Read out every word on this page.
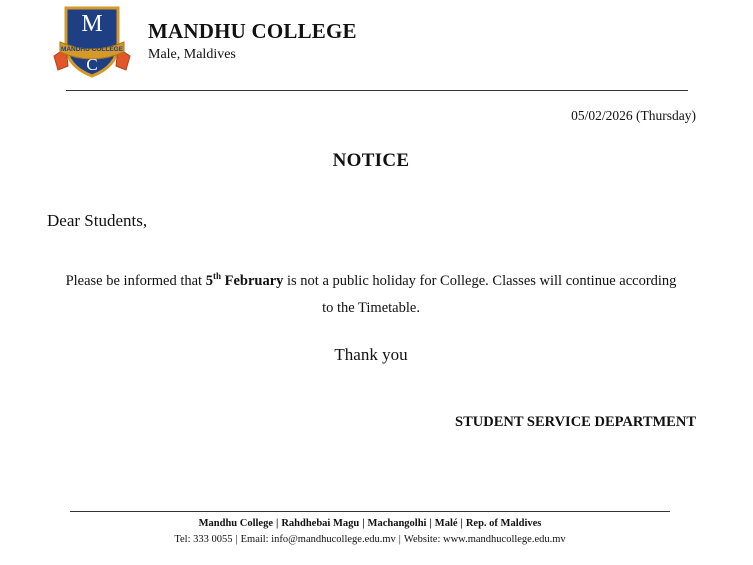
M
MANDHU COLLEGE
C
MANDHU COLLEGE
Male, Maldives
05/02/2026 (Thursday)
NOTICE
Dear Students,
Please be informed that 5th February is not a public holiday for College. Classes will continue according to the Timetable.
Thank you
STUDENT SERVICE DEPARTMENT
Mandhu College | Rahdhebai Magu | Machangolhi | Malé | Rep. of Maldives
Tel: 333 0055 | Email: info@mandhucollege.edu.mv | Website: www.mandhucollege.edu.mv
